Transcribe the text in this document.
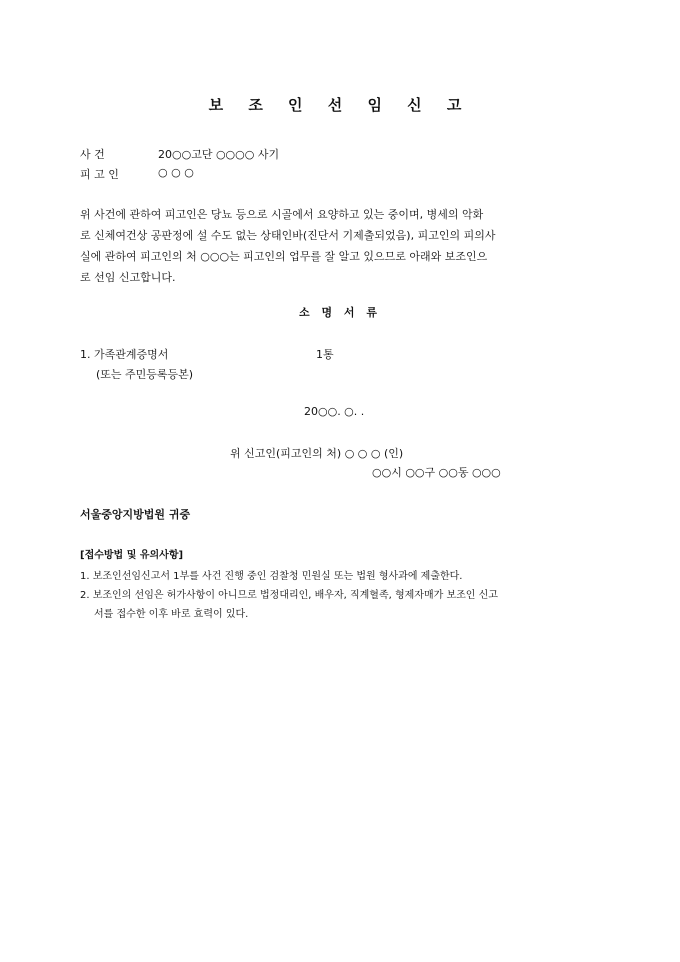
보 조 인 선 임 신 고
사 건	20○○고단 ○○○○ 사기
피 고 인	○ ○ ○
위 사건에 관하여 피고인은 당뇨 등으로 시골에서 요양하고 있는 중이며, 병세의 악화
로 신체여건상 공판정에 설 수도 없는 상태인바(진단서 기제출되었음), 피고인의 피의사
실에 관하여 피고인의 처 ○○○는 피고인의 업무를 잘 알고 있으므로 아래와 보조인으
로 선임 신고합니다.
소 명 서 류
1. 가족관계증명서	1통
(또는 주민등록등본)
20○○. ○. .
위 신고인(피고인의 처) ○ ○ ○ (인)
○○시 ○○구 ○○동 ○○○
서울중앙지방법원 귀중
[접수방법 및 유의사항]
1. 보조인선임신고서 1부를 사건 진행 중인 검찰청 민원실 또는 법원 형사과에 제출한다.
2. 보조인의 선임은 허가사항이 아니므로 법정대리인, 배우자, 직계혈족, 형제자매가 보조인 신고
서를 접수한 이후 바로 효력이 있다.
